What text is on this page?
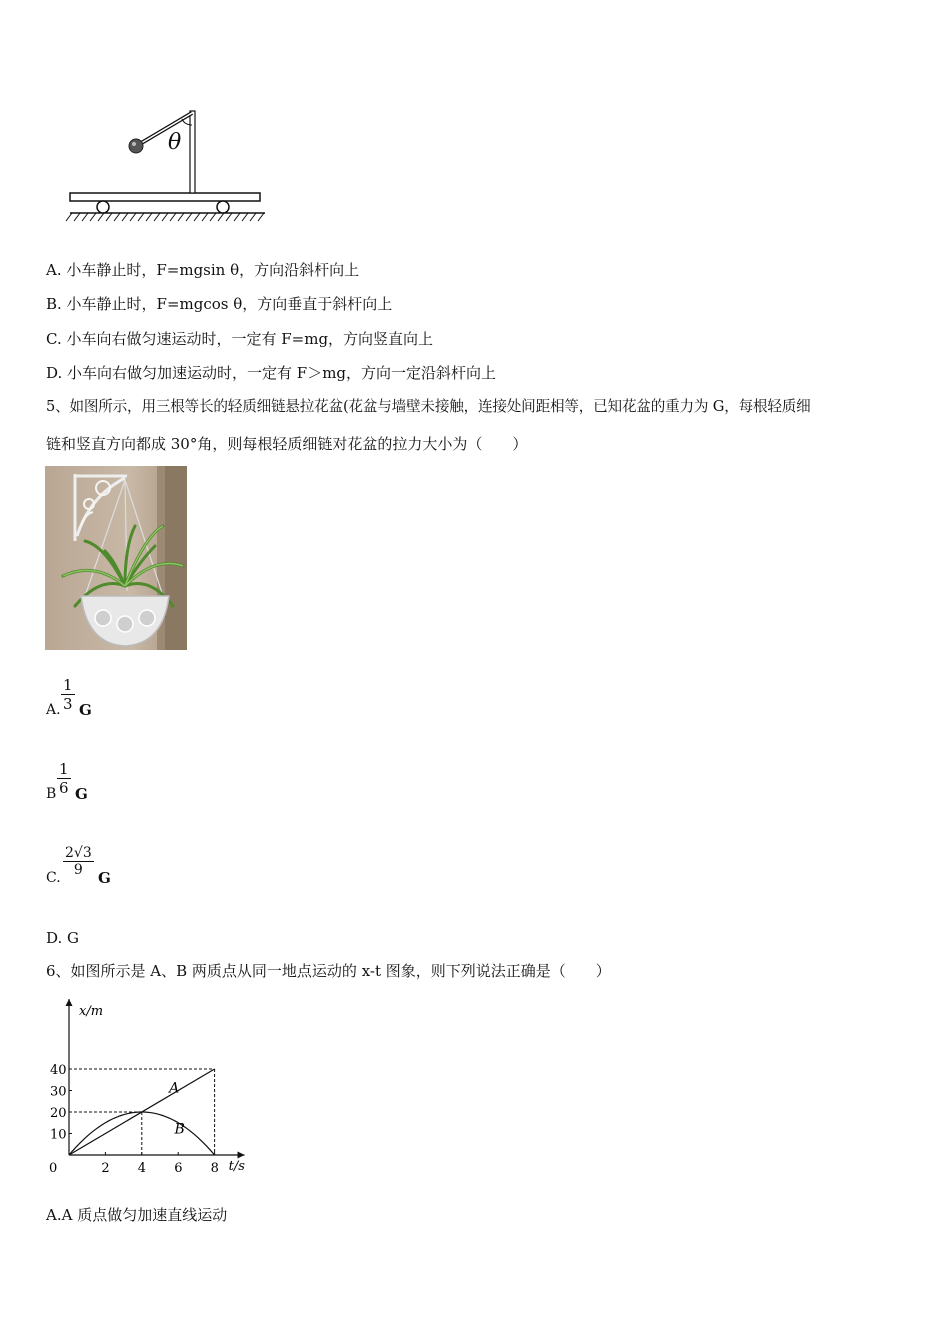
θ
A. 小车静止时，F=mgsin θ，方向沿斜杆向上
B. 小车静止时，F=mgcos θ，方向垂直于斜杆向上
C. 小车向右做匀速运动时，一定有 F=mg，方向竖直向上
D. 小车向右做匀加速运动时，一定有 F＞mg，方向一定沿斜杆向上
5、如图所示，用三根等长的轻质细链悬拉花盆(花盆与墙壁未接触，连接处间距相等，已知花盆的重力为 G，每根轻质细
链和竖直方向都成 30°角，则每根轻质细链对花盆的拉力大小为（　　）
A. $\frac{1}{3}$ G
B $\frac{1}{6}$ G
C. $\frac{2√3}{9}$ G
D. G
6、如图所示是 A、B 两质点从同一地点运动的 x-t 图象，则下列说法正确是（　　）
t/s
x/m
0	2 4 6 8
10
20
30
40
A
B
A.A 质点做匀加速直线运动
